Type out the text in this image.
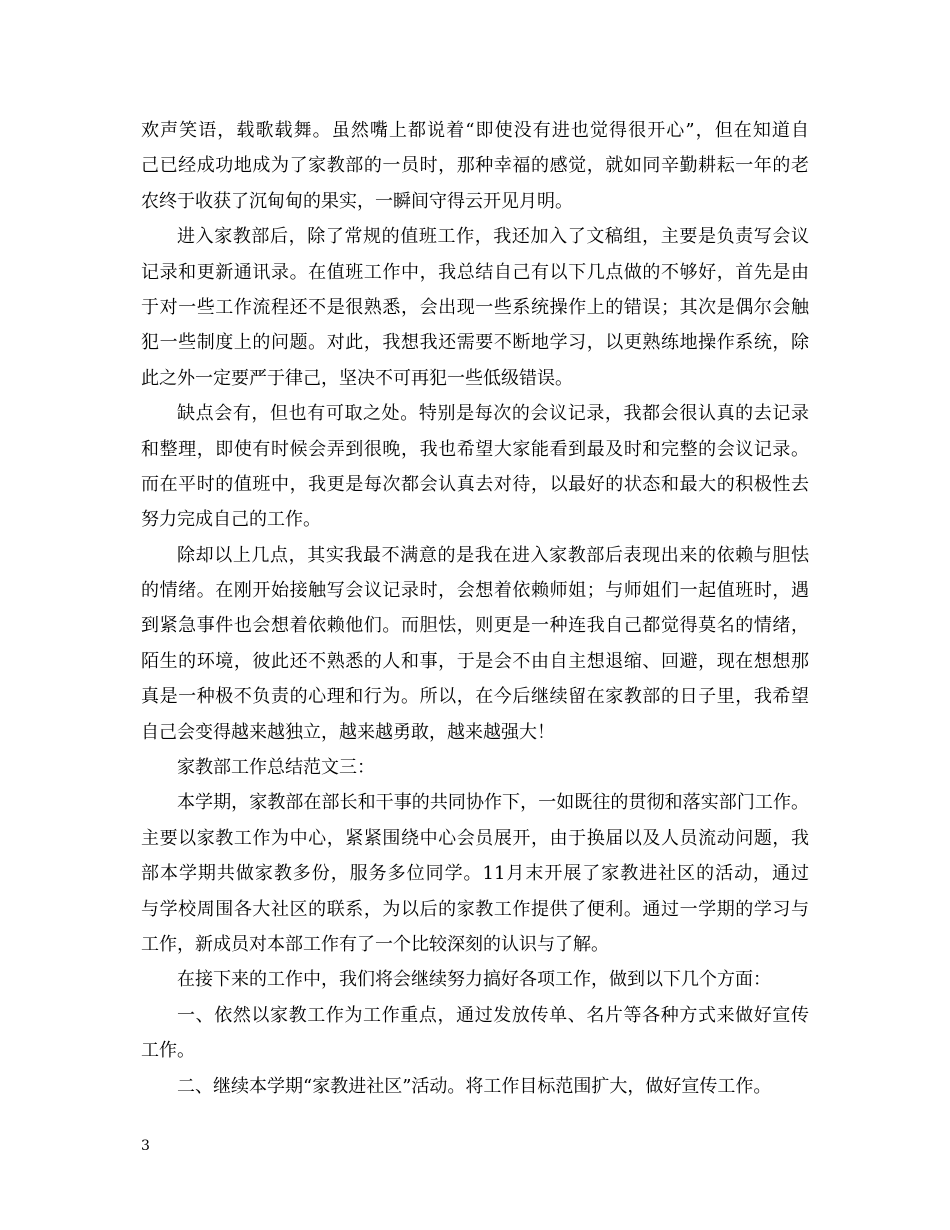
欢声笑语，载歌载舞。虽然嘴上都说着“即使没有进也觉得很开心”，但在知道自
己已经成功地成为了家教部的一员时，那种幸福的感觉，就如同辛勤耕耘一年的老
农终于收获了沉甸甸的果实，一瞬间守得云开见月明。
进入家教部后，除了常规的值班工作，我还加入了文稿组，主要是负责写会议
记录和更新通讯录。在值班工作中，我总结自己有以下几点做的不够好，首先是由
于对一些工作流程还不是很熟悉，会出现一些系统操作上的错误；其次是偶尔会触
犯一些制度上的问题。对此，我想我还需要不断地学习，以更熟练地操作系统，除
此之外一定要严于律己，坚决不可再犯一些低级错误。
缺点会有，但也有可取之处。特别是每次的会议记录，我都会很认真的去记录
和整理，即使有时候会弄到很晚，我也希望大家能看到最及时和完整的会议记录。
而在平时的值班中，我更是每次都会认真去对待，以最好的状态和最大的积极性去
努力完成自己的工作。
除却以上几点，其实我最不满意的是我在进入家教部后表现出来的依赖与胆怯
的情绪。在刚开始接触写会议记录时，会想着依赖师姐；与师姐们一起值班时，遇
到紧急事件也会想着依赖他们。而胆怯，则更是一种连我自己都觉得莫名的情绪，
陌生的环境，彼此还不熟悉的人和事，于是会不由自主想退缩、回避，现在想想那
真是一种极不负责的心理和行为。所以，在今后继续留在家教部的日子里，我希望
自己会变得越来越独立，越来越勇敢，越来越强大！
家教部工作总结范文三：
本学期，家教部在部长和干事的共同协作下，一如既往的贯彻和落实部门工作。
主要以家教工作为中心，紧紧围绕中心会员展开，由于换届以及人员流动问题，我
部本学期共做家教多份，服务多位同学。11月末开展了家教进社区的活动，通过
与学校周围各大社区的联系，为以后的家教工作提供了便利。通过一学期的学习与
工作，新成员对本部工作有了一个比较深刻的认识与了解。
在接下来的工作中，我们将会继续努力搞好各项工作，做到以下几个方面：
一、依然以家教工作为工作重点，通过发放传单、名片等各种方式来做好宣传
工作。
二、继续本学期“家教进社区”活动。将工作目标范围扩大，做好宣传工作。
3
